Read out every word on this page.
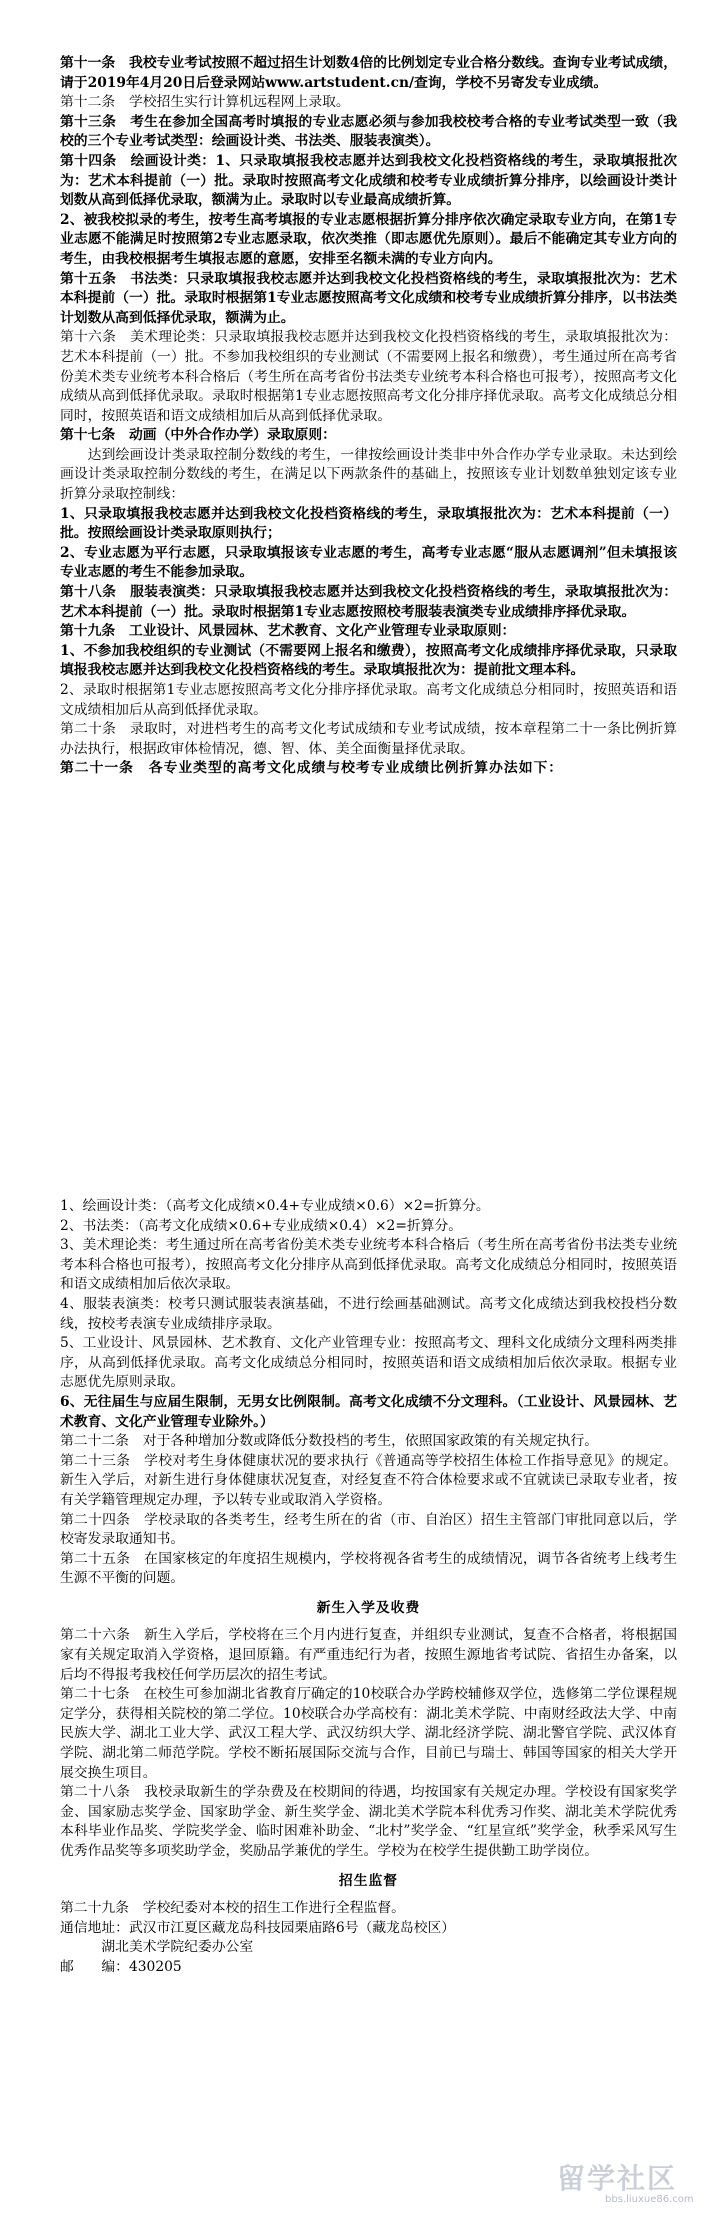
第十一条　我校专业考试按照不超过招生计划数4倍的比例划定专业合格分数线。查询专业考试成绩，请于2019年4月20日后登录网站www.artstudent.cn/查询，学校不另寄发专业成绩。

第十二条　学校招生实行计算机远程网上录取。

第十三条　考生在参加全国高考时填报的专业志愿必须与参加我校校考合格的专业考试类型一致（我校的三个专业考试类型：绘画设计类、书法类、服装表演类）。

第十四条　绘画设计类：1、只录取填报我校志愿并达到我校文化投档资格线的考生，录取填报批次为：艺术本科提前（一）批。录取时按照高考文化成绩和校考专业成绩折算分排序，以绘画设计类计划数从高到低择优录取，额满为止。录取时以专业最高成绩折算。

2、被我校拟录的考生，按考生高考填报的专业志愿根据折算分排序依次确定录取专业方向，在第1专业志愿不能满足时按照第2专业志愿录取，依次类推（即志愿优先原则）。最后不能确定其专业方向的考生，由我校根据考生填报志愿的意愿，安排至名额未满的专业方向内。

第十五条　书法类：只录取填报我校志愿并达到我校文化投档资格线的考生，录取填报批次为：艺术本科提前（一）批。录取时根据第1专业志愿按照高考文化成绩和校考专业成绩折算分排序，以书法类计划数从高到低择优录取，额满为止。

第十六条　美术理论类：只录取填报我校志愿并达到我校文化投档资格线的考生，录取填报批次为：艺术本科提前（一）批。不参加我校组织的专业测试（不需要网上报名和缴费），考生通过所在高考省份美术类专业统考本科合格后（考生所在高考省份书法类专业统考本科合格也可报考），按照高考文化成绩从高到低择优录取。录取时根据第1专业志愿按照高考文化分排序择优录取。高考文化成绩总分相同时，按照英语和语文成绩相加后从高到低择优录取。

第十七条　动画（中外合作办学）录取原则：

达到绘画设计类录取控制分数线的考生，一律按绘画设计类非中外合作办学专业录取。未达到绘画设计类录取控制分数线的考生，在满足以下两款条件的基础上，按照该专业计划数单独划定该专业折算分录取控制线：

1、只录取填报我校志愿并达到我校文化投档资格线的考生，录取填报批次为：艺术本科提前（一）批。按照绘画设计类录取原则执行；

2、专业志愿为平行志愿，只录取填报该专业志愿的考生，高考专业志愿“服从志愿调剂”但未填报该专业志愿的考生不能参加录取。

第十八条　服装表演类：只录取填报我校志愿并达到我校文化投档资格线的考生，录取填报批次为：艺术本科提前（一）批。录取时根据第1专业志愿按照校考服装表演类专业成绩排序择优录取。

第十九条　工业设计、风景园林、艺术教育、文化产业管理专业录取原则：

1、不参加我校组织的专业测试（不需要网上报名和缴费），按照高考文化成绩排序择优录取，只录取填报我校志愿并达到我校文化投档资格线的考生。录取填报批次为：提前批文理本科。

2、录取时根据第1专业志愿按照高考文化分排序择优录取。高考文化成绩总分相同时，按照英语和语文成绩相加后从高到低择优录取。

第二十条　录取时，对进档考生的高考文化考试成绩和专业考试成绩，按本章程第二十一条比例折算办法执行，根据政审体检情况，德、智、体、美全面衡量择优录取。

第二十一条　各专业类型的高考文化成绩与校考专业成绩比例折算办法如下：

1、绘画设计类：（高考文化成绩×0.4+专业成绩×0.6）×2=折算分。

2、书法类：（高考文化成绩×0.6+专业成绩×0.4）×2=折算分。

3、美术理论类：考生通过所在高考省份美术类专业统考本科合格后（考生所在高考省份书法类专业统考本科合格也可报考），按照高考文化分排序从高到低择优录取。高考文化成绩总分相同时，按照英语和语文成绩相加后依次录取。

4、服装表演类：校考只测试服装表演基础，不进行绘画基础测试。高考文化成绩达到我校投档分数线，按校考表演专业成绩排序录取。

5、工业设计、风景园林、艺术教育、文化产业管理专业：按照高考文、理科文化成绩分文理科两类排序，从高到低择优录取。高考文化成绩总分相同时，按照英语和语文成绩相加后依次录取。根据专业志愿优先原则录取。

6、无往届生与应届生限制，无男女比例限制。高考文化成绩不分文理科。（工业设计、风景园林、艺术教育、文化产业管理专业除外。）

第二十二条　对于各种增加分数或降低分数投档的考生，依照国家政策的有关规定执行。

第二十三条　学校对考生身体健康状况的要求执行《普通高等学校招生体检工作指导意见》的规定。新生入学后，对新生进行身体健康状况复查，对经复查不符合体检要求或不宜就读已录取专业者，按有关学籍管理规定办理，予以转专业或取消入学资格。

第二十四条　学校录取的各类考生，经考生所在的省（市、自治区）招生主管部门审批同意以后，学校寄发录取通知书。

第二十五条　在国家核定的年度招生规模内，学校将视各省考生的成绩情况，调节各省统考上线考生生源不平衡的问题。

新生入学及收费

第二十六条　新生入学后，学校将在三个月内进行复查，并组织专业测试，复查不合格者，将根据国家有关规定取消入学资格，退回原籍。有严重违纪行为者，按照生源地省考试院、省招生办备案，以后均不得报考我校任何学历层次的招生考试。

第二十七条　在校生可参加湖北省教育厅确定的10校联合办学跨校辅修双学位，选修第二学位课程规定学分，获得相关院校的第二学位。10校联合办学高校有：湖北美术学院、中南财经政法大学、中南民族大学、湖北工业大学、武汉工程大学、武汉纺织大学、湖北经济学院、湖北警官学院、武汉体育学院、湖北第二师范学院。学校不断拓展国际交流与合作，目前已与瑞士、韩国等国家的相关大学开展交换生项目。

第二十八条　我校录取新生的学杂费及在校期间的待遇，均按国家有关规定办理。学校设有国家奖学金、国家励志奖学金、国家助学金、新生奖学金、湖北美术学院本科优秀习作奖、湖北美术学院优秀本科毕业作品奖、学院奖学金、临时困难补助金、“北村”奖学金、“红星宣纸”奖学金，秋季采风写生优秀作品奖等多项奖助学金，奖励品学兼优的学生。学校为在校学生提供勤工助学岗位。

招生监督

第二十九条　学校纪委对本校的招生工作进行全程监督。

通信地址：武汉市江夏区藏龙岛科技园栗庙路6号（藏龙岛校区）

湖北美术学院纪委办公室

邮　　编：430205

留学社区
bbs.liuxue86.com
